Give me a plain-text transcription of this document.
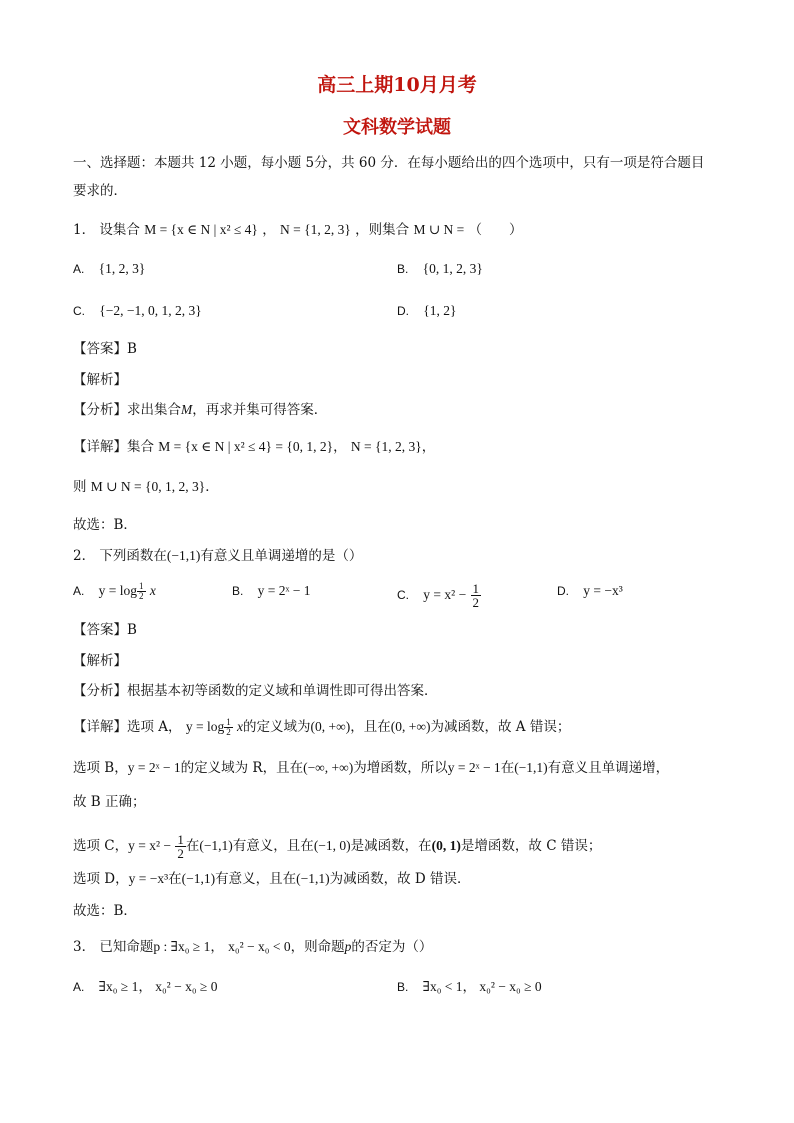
高三上期10月月考
文科数学试题
一、选择题：本题共 12 小题，每小题 5分，共 60 分．在每小题给出的四个选项中，只有一项是符合题目
要求的．
1． 设集合 M = {x ∈ N | x² ≤ 4} ， N = {1, 2, 3} ，则集合 M ∪ N = （　　）
A. {1, 2, 3}	B. {0, 1, 2, 3}
C. {−2, −1, 0, 1, 2, 3}	D. {1, 2}
【答案】B
【解析】
【分析】求出集合M，再求并集可得答案．
【详解】集合 M = {x ∈ N | x² ≤ 4} = {0, 1, 2}， N = {1, 2, 3}，
则 M ∪ N = {0, 1, 2, 3}．
故选：B．
2． 下列函数在(−1,1)有意义且单调递增的是（）
A. $y = \log \frac{1}{2}$ x	B. y = 2ˣ − 1	C. $y = x^2 - \frac{1}{2}$	D. y = −x³
【答案】B
【解析】
【分析】根据基本初等函数的定义域和单调性即可得出答案．
【详解】选项 A， $y = \log \frac{1}{2}$ x的定义域为(0, +∞)，且在(0, +∞)为减函数，故 A 错误；
选项 B，y = 2ˣ − 1的定义域为 R，且在(−∞, +∞)为增函数，所以y = 2ˣ − 1在(−1,1)有意义且单调递增，
故 B 正确；
选项 C，$y = x^2 - \frac{1}{2}$ 在(−1,1)有意义，且在(−1, 0)是减函数，在(0, 1)是增函数，故 C 错误；
选项 D，y = −x³在(−1,1)有意义，且在(−1,1)为减函数，故 D 错误．
故选：B．
3． 已知命题p : ∃x₀ ≥ 1， x₀² − x₀ < 0，则命题p的否定为（）
A. ∃x₀ ≥ 1， x₀² − x₀ ≥ 0	B. ∃x₀ < 1， x₀² − x₀ ≥ 0
